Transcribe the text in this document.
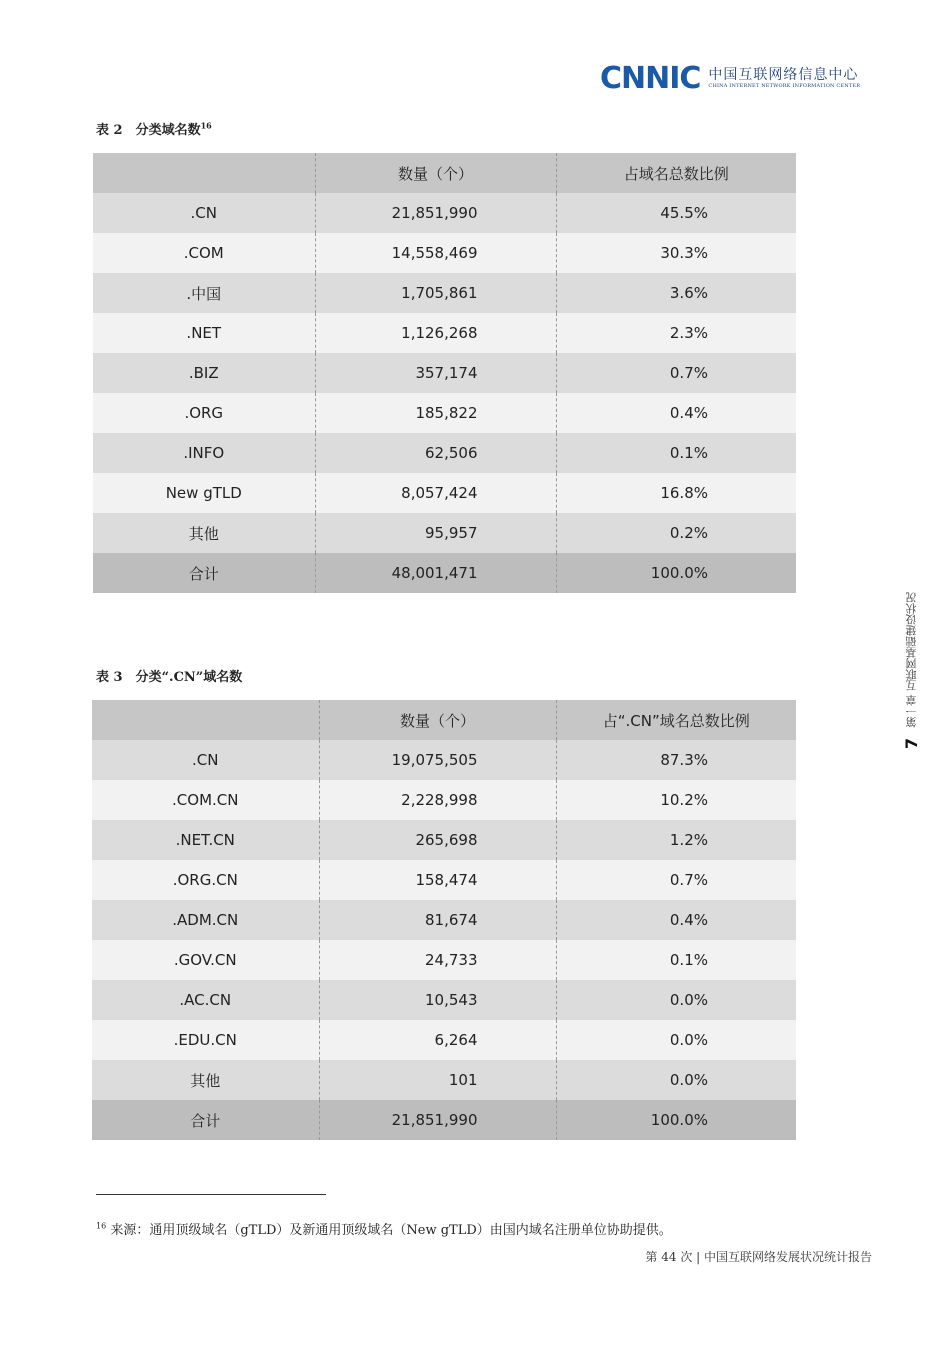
CNNIC 中国互联网络信息中心
CHINA INTERNET NETWORK INFORMATION CENTER
表 2　分类域名数$^{16}$
	数量（个）	占域名总数比例
.CN	21,851,990	45.5%
.COM	14,558,469	30.3%
.中国	1,705,861	3.6%
.NET	1,126,268	2.3%
.BIZ	357,174	0.7%
.ORG	185,822	0.4%
.INFO	62,506	0.1%
New gTLD	8,057,424	16.8%
其他	95,957	0.2%
合计	48,001,471	100.0%
表 3　分类“.CN”域名数
	数量（个）	占“.CN”域名总数比例
.CN	19,075,505	87.3%
.COM.CN	2,228,998	10.2%
.NET.CN	265,698	1.2%
.ORG.CN	158,474	0.7%
.ADM.CN	81,674	0.4%
.GOV.CN	24,733	0.1%
.AC.CN	10,543	0.0%
.EDU.CN	6,264	0.0%
其他	101	0.0%
合计	21,851,990	100.0%
第一章 互联网基础建设状况
7
$^{16}$ 来源：通用顶级域名（gTLD）及新通用顶级域名（New gTLD）由国内域名注册单位协助提供。
第 44 次 | 中国互联网络发展状况统计报告
